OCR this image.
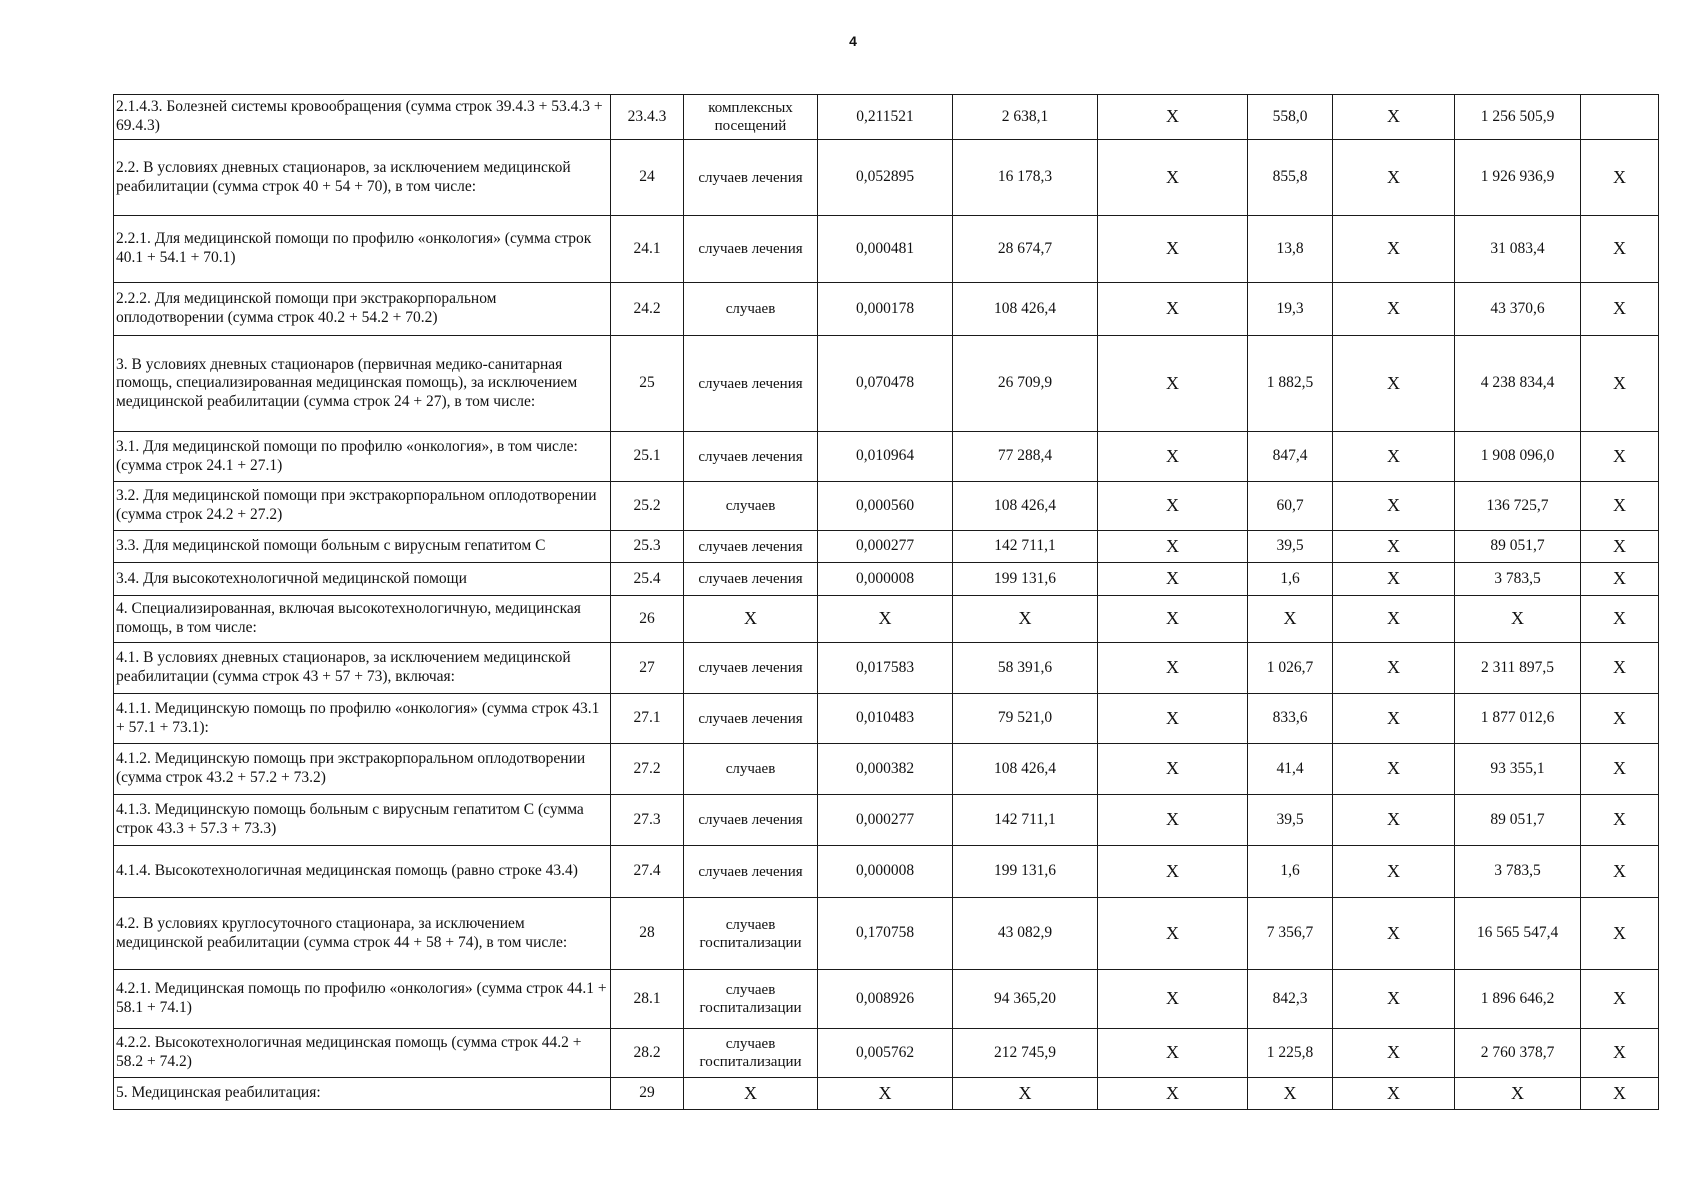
4
2.1.4.3. Болезней системы кровообращения (сумма строк 39.4.3 + 53.4.3 + 69.4.3)	23.4.3	комплексных посещений	0,211521	2 638,1	X	558,0	X	1 256 505,9	
2.2. В условиях дневных стационаров, за исключением медицинской реабилитации (сумма строк 40 + 54 + 70), в том числе:	24	случаев лечения	0,052895	16 178,3	X	855,8	X	1 926 936,9	X
2.2.1. Для медицинской помощи по профилю «онкология» (сумма строк 40.1 + 54.1 + 70.1)	24.1	случаев лечения	0,000481	28 674,7	X	13,8	X	31 083,4	X
2.2.2. Для медицинской помощи при экстракорпоральном оплодотворении (сумма строк 40.2 + 54.2 + 70.2)	24.2	случаев	0,000178	108 426,4	X	19,3	X	43 370,6	X
3. В условиях дневных стационаров (первичная медико-санитарная помощь, специализированная медицинская помощь), за исключением медицинской реабилитации (сумма строк 24 + 27), в том числе:	25	случаев лечения	0,070478	26 709,9	X	1 882,5	X	4 238 834,4	X
3.1. Для медицинской помощи по профилю «онкология», в том числе: (сумма строк 24.1 + 27.1)	25.1	случаев лечения	0,010964	77 288,4	X	847,4	X	1 908 096,0	X
3.2. Для медицинской помощи при экстракорпоральном оплодотворении (сумма строк 24.2 + 27.2)	25.2	случаев	0,000560	108 426,4	X	60,7	X	136 725,7	X
3.3. Для медицинской помощи больным с вирусным гепатитом С	25.3	случаев лечения	0,000277	142 711,1	X	39,5	X	89 051,7	X
3.4. Для высокотехнологичной медицинской помощи	25.4	случаев лечения	0,000008	199 131,6	X	1,6	X	3 783,5	X
4. Специализированная, включая высокотехнологичную, медицинская помощь, в том числе:	26	X	X	X	X	X	X	X	X
4.1. В условиях дневных стационаров, за исключением медицинской реабилитации (сумма строк 43 + 57 + 73), включая:	27	случаев лечения	0,017583	58 391,6	X	1 026,7	X	2 311 897,5	X
4.1.1. Медицинскую помощь по профилю «онкология» (сумма строк 43.1 + 57.1 + 73.1):	27.1	случаев лечения	0,010483	79 521,0	X	833,6	X	1 877 012,6	X
4.1.2. Медицинскую помощь при экстракорпоральном оплодотворении (сумма строк 43.2 + 57.2 + 73.2)	27.2	случаев	0,000382	108 426,4	X	41,4	X	93 355,1	X
4.1.3. Медицинскую помощь больным с вирусным гепатитом С (сумма строк 43.3 + 57.3 + 73.3)	27.3	случаев лечения	0,000277	142 711,1	X	39,5	X	89 051,7	X
4.1.4. Высокотехнологичная медицинская помощь (равно строке 43.4)	27.4	случаев лечения	0,000008	199 131,6	X	1,6	X	3 783,5	X
4.2. В условиях круглосуточного стационара, за исключением медицинской реабилитации (сумма строк 44 + 58 + 74), в том числе:	28	случаев госпитализации	0,170758	43 082,9	X	7 356,7	X	16 565 547,4	X
4.2.1. Медицинская помощь по профилю «онкология» (сумма строк 44.1 + 58.1 + 74.1)	28.1	случаев госпитализации	0,008926	94 365,20	X	842,3	X	1 896 646,2	X
4.2.2. Высокотехнологичная медицинская помощь (сумма строк 44.2 + 58.2 + 74.2)	28.2	случаев госпитализации	0,005762	212 745,9	X	1 225,8	X	2 760 378,7	X
5. Медицинская реабилитация:	29	X	X	X	X	X	X	X	X
